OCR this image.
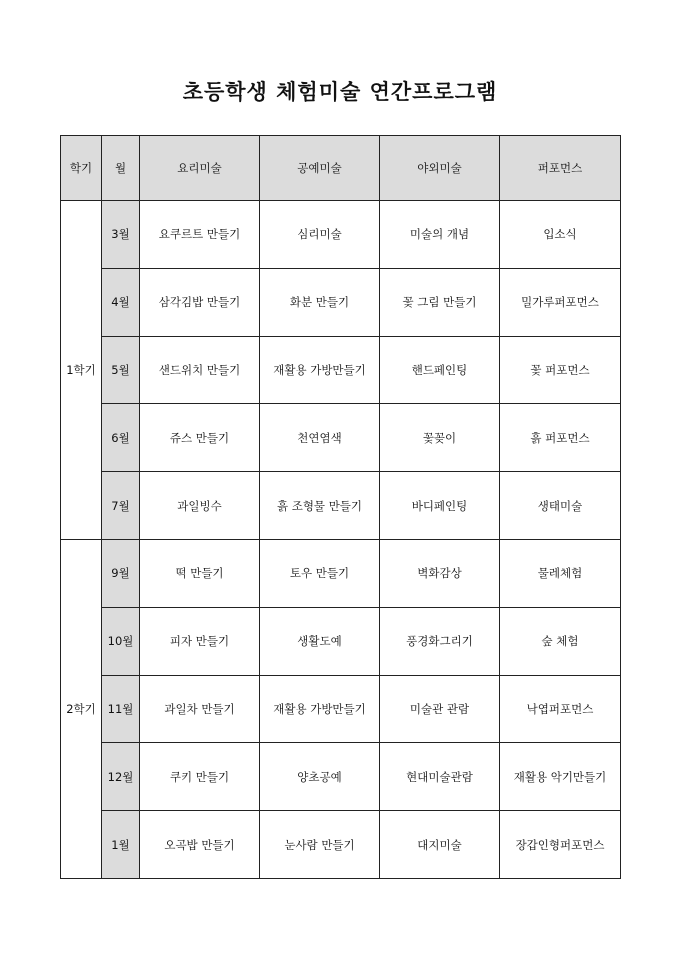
초등학생 체험미술 연간프로그램
학기	월	요리미술	공예미술	야외미술	퍼포먼스
1학기	3월	요쿠르트 만들기	심리미술	미술의 개념	입소식
	4월	삼각김밥 만들기	화분 만들기	꽃 그림 만들기	밀가루퍼포먼스
	5월	샌드위치 만들기	재활용 가방만들기	핸드페인팅	꽃 퍼포먼스
	6월	쥬스 만들기	천연염색	꽃꽂이	흙 퍼포먼스
	7월	과일빙수	흙 조형물 만들기	바디페인팅	생태미술
2학기	9월	떡 만들기	토우 만들기	벽화감상	물레체험
	10월	피자 만들기	생활도예	풍경화그리기	숲 체험
	11월	과일차 만들기	재활용 가방만들기	미술관 관람	낙엽퍼포먼스
	12월	쿠키 만들기	양초공예	현대미술관람	재활용 악기만들기
	1월	오곡밥 만들기	눈사람 만들기	대지미술	장갑인형퍼포먼스
